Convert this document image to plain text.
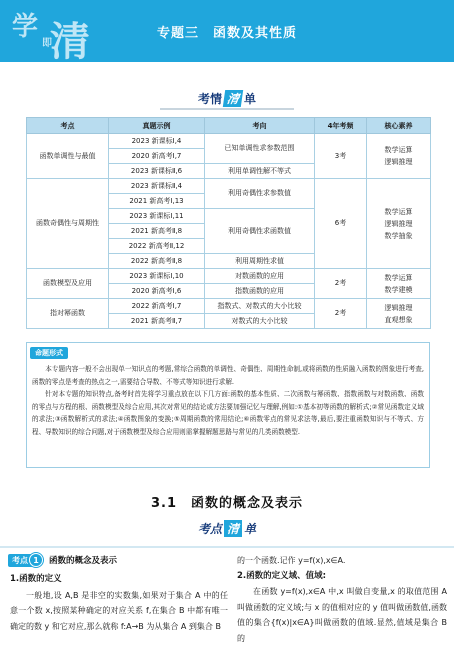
学
即
清	专题三　函数及其性质
考情 清 单
考点	真题示例	考向	4年考频	核心素养
函数单调性与最值	2023 新课标Ⅰ,4	已知单调性求参数范围	3考	数学运算
逻辑推理

	2020 新高考Ⅰ,7			
	2023 新课标Ⅱ,6	利用单调性解不等式		
函数奇偶性与周期性	2023 新课标Ⅱ,4	利用奇偶性求参数值	6考	数学运算
逻辑推理
数学抽象

	2021 新高考Ⅰ,13			
	2023 新课标Ⅰ,11	利用奇偶性求函数值		
	2021 新高考Ⅱ,8			
	2022 新高考Ⅱ,12			
	2022 新高考Ⅱ,8	利用周期性求值		
函数模型及应用	2023 新课标Ⅰ,10	对数函数的应用	2考	数学运算
数学建模

	2020 新高考Ⅰ,6	指数函数的应用		
指对幂函数	2022 新高考Ⅰ,7	指数式、对数式的大小比较	2考	逻辑推理
直观想象

	2021 新高考Ⅱ,7	对数式的大小比较		
命题形式
本专题内容一般不会出现单一知识点的考题,常综合函数的单调性、奇偶性、周期性命制,或将函数的性质融入函数的图象进行考查,函数的零点是考查的热点之一,需要结合导数、不等式等知识进行求解.
针对本专题的知识特点,备考时首先将学习重点放在以下几方面:函数的基本性质、二次函数与幂函数、指数函数与对数函数、函数的零点与方程的根、函数模型及综合应用,其次对常见的结论或方法要加强记忆与理解,例如:①基本初等函数的解析式;②常见函数定义域的求法;③函数解析式的求法;④函数图象的变换;⑤周期函数的常用结论;⑥函数零点的常见求法等,最后,要注重函数知识与不等式、方程、导数知识的综合问题,对于函数模型及综合应用则需掌握解题思路与常见的几类函数模型.
3.1　函数的概念及表示
考点 清 单
考点 1	函数的概念及表示
1.函数的定义
一般地,设 A,B 是非空的实数集,如果对于集合 A 中的任意一个数 x,按照某种确定的对应关系 f,在集合 B 中都有唯一确定的数 y 和它对应,那么就称 f:A→B 为从集合 A 到集合 B
的一个函数.记作 y=f(x),x∈A.
2.函数的定义域、值域:
在函数 y=f(x),x∈A 中,x 叫做自变量,x 的取值范围 A 叫做函数的定义域;与 x 的值相对应的 y 值叫做函数值,函数值的集合{f(x)|x∈A}叫做函数的值域.显然,值域是集合 B 的
